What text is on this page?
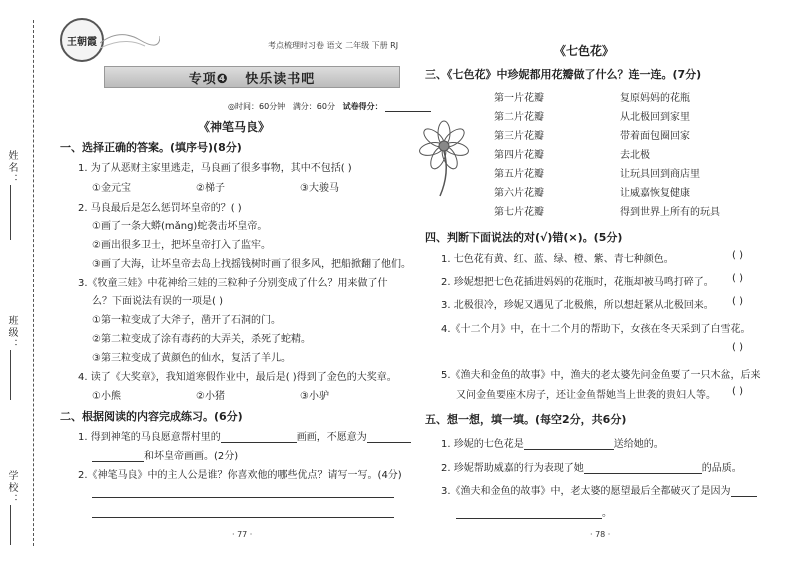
姓名：
班级：
学校：
王朝霞	考点梳理时习卷 语文 二年级 下册 RJ
专项❹
快乐读书吧
◎时间：60分钟 满分：60分 试卷得分：
《神笔马良》
一、选择正确的答案。(填序号)(8分)
1. 为了从恶财主家里逃走，马良画了很多事物，其中不包括( )
①金元宝	②梯子	③大骏马
2. 马良最后是怎么惩罚坏皇帝的？( )
①画了一条大蟒(mǎng)蛇袭击坏皇帝。
②画出很多卫士，把坏皇帝打入了监牢。
③画了大海，让坏皇帝去岛上找摇钱树时画了很多风，把船掀翻了他们。
3.《牧童三娃》中花神给三娃的三粒种子分别变成了什么？用来做了什
么？下面说法有误的一项是( )
①第一粒变成了大斧子，凿开了石洞的门。
②第二粒变成了涂有毒药的大弄关，杀死了蛇精。
③第三粒变成了黄颜色的仙水，复活了羊儿。
4. 读了《大奖章》，我知道寒假作业中，最后是( )得到了金色的大奖章。
①小熊	②小猪	③小驴
二、根据阅读的内容完成练习。(6分)
1. 得到神笔的马良愿意帮村里的	画画，不愿意为
和坏皇帝画画。(2分)
2.《神笔马良》中的主人公是谁？你喜欢他的哪些优点？请写一写。(4分)
· 77 ·
《七色花》
三、《七色花》中珍妮都用花瓣做了什么？连一连。(7分)
第一片花瓣
第二片花瓣
第三片花瓣
第四片花瓣
第五片花瓣
第六片花瓣
第七片花瓣
复原妈妈的花瓶
从北极回到家里
带着面包圈回家
去北极
让玩具回到商店里
让威嘉恢复健康
得到世界上所有的玩具
四、判断下面说法的对(√)错(×)。(5分)
1. 七色花有黄、红、蓝、绿、橙、紫、青七种颜色。	( )
2. 珍妮想把七色花插进妈妈的花瓶时，花瓶却被马鸣打碎了。 ( )
3. 北极很冷，珍妮又遇见了北极熊，所以想赶紧从北极回来。 ( )
4.《十二个月》中，在十二个月的帮助下，女孩在冬天采到了白雪花。
( )
5.《渔夫和金鱼的故事》中，渔夫的老太婆先问金鱼要了一只木盆，后来
又问金鱼要座木房子，还让金鱼帮她当上世袭的贵妇人等。 ( )
五、想一想，填一填。(每空2分，共6分)
1. 珍妮的七色花是	送给她的。
2. 珍妮帮助威嘉的行为表现了她	的品质。
3.《渔夫和金鱼的故事》中，老太婆的愿望最后全都破灭了是因为
。
· 78 ·
